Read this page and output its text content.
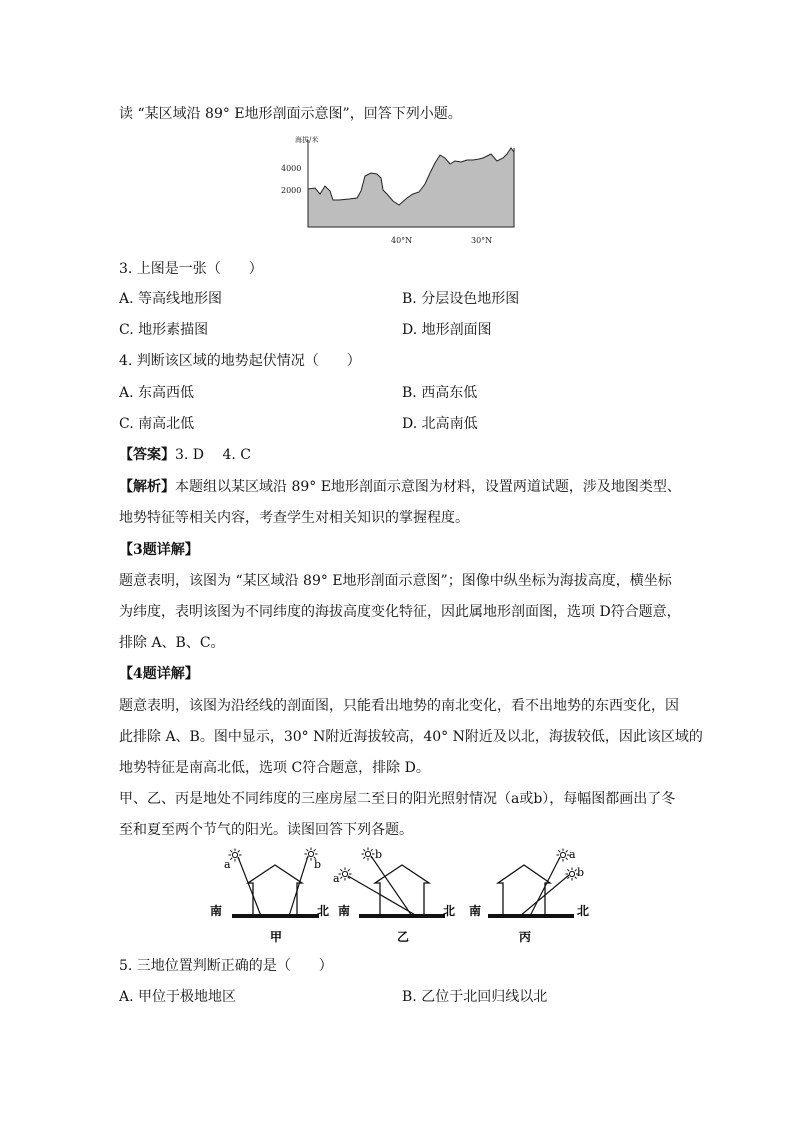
读 “某区域沿 89° E地形剖面示意图”，回答下列小题。
海拔/米
4000
2000
40°N	30°N
3. 上图是一张（　　）
A. 等高线地形图	B. 分层设色地形图
C. 地形素描图	D. 地形剖面图
4. 判断该区域的地势起伏情况（　　）
A. 东高西低	B. 西高东低
C. 南高北低	D. 北高南低
【答案】3. D　 4. C
【解析】本题组以某区域沿 89° E地形剖面示意图为材料，设置两道试题，涉及地图类型、
地势特征等相关内容，考查学生对相关知识的掌握程度。
【3题详解】
题意表明，该图为 “某区域沿 89° E地形剖面示意图”；图像中纵坐标为海拔高度，横坐标
为纬度，表明该图为不同纬度的海拔高度变化特征，因此属地形剖面图，选项 D符合题意，
排除 A、B、C。
【4题详解】
题意表明，该图为沿经线的剖面图，只能看出地势的南北变化，看不出地势的东西变化，因
此排除 A、B。图中显示，30° N附近海拔较高，40° N附近及以北，海拔较低，因此该区域的
地势特征是南高北低，选项 C符合题意，排除 D。
甲、乙、丙是地处不同纬度的三座房屋二至日的阳光照射情况（a或b），每幅图都画出了冬
至和夏至两个节气的阳光。读图回答下列各题。
a	b
南	北
甲
b
a
南	北
乙
a
b
南	北
丙
5. 三地位置判断正确的是（　　）
A. 甲位于极地地区	B. 乙位于北回归线以北
